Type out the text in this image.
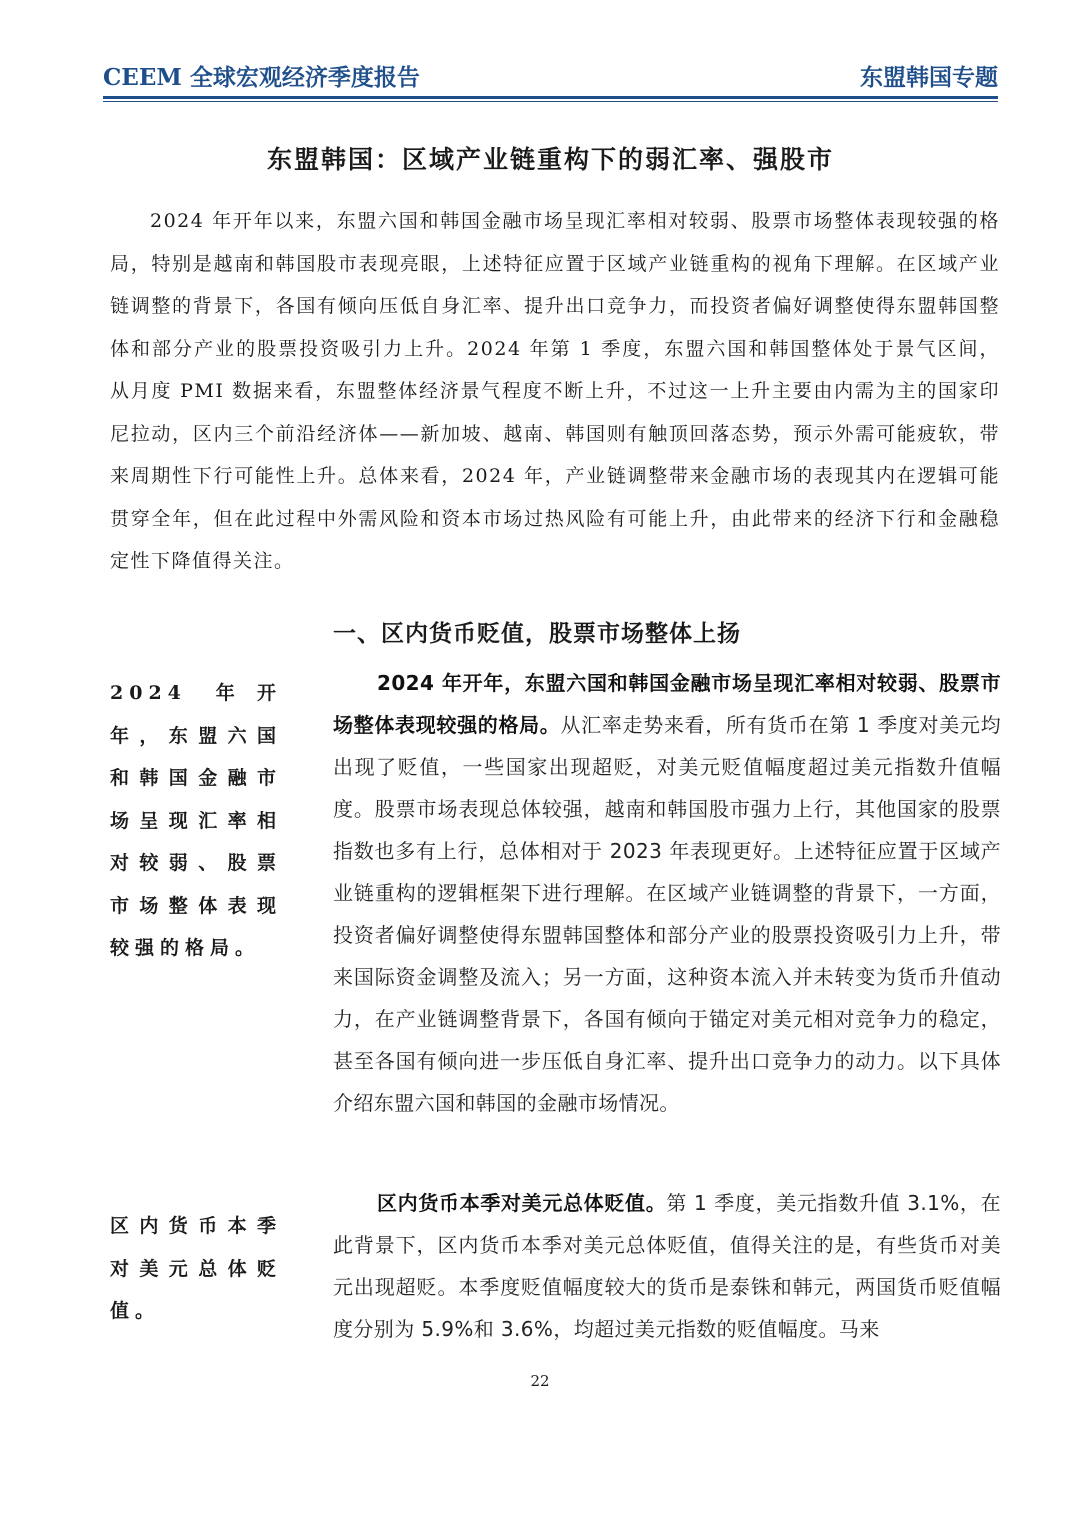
CEEM 全球宏观经济季度报告	东盟韩国专题
东盟韩国：区域产业链重构下的弱汇率、强股市

2024 年开年以来，东盟六国和韩国金融市场呈现汇率相对较弱、股票市场整体表现较强的格局，特别是越南和韩国股市表现亮眼，上述特征应置于区域产业链重构的视角下理解。在区域产业链调整的背景下，各国有倾向压低自身汇率、提升出口竞争力，而投资者偏好调整使得东盟韩国整体和部分产业的股票投资吸引力上升。2024 年第 1 季度，东盟六国和韩国整体处于景气区间，从月度 PMI 数据来看，东盟整体经济景气程度不断上升，不过这一上升主要由内需为主的国家印尼拉动，区内三个前沿经济体——新加坡、越南、韩国则有触顶回落态势，预示外需可能疲软，带来周期性下行可能性上升。总体来看，2024 年，产业链调整带来金融市场的表现其内在逻辑可能贯穿全年，但在此过程中外需风险和资本市场过热风险有可能上升，由此带来的经济下行和金融稳定性下降值得关注。

一、区内货币贬值，股票市场整体上扬

2024 年开年，东盟六国和韩国金融市场呈现汇率相对较弱、股票市场整体表现较强的格局。

区内货币本季对美元总体贬值。

2024 年开年，东盟六国和韩国金融市场呈现汇率相对较弱、股票市场整体表现较强的格局。从汇率走势来看，所有货币在第 1 季度对美元均出现了贬值，一些国家出现超贬，对美元贬值幅度超过美元指数升值幅度。股票市场表现总体较强，越南和韩国股市强力上行，其他国家的股票指数也多有上行，总体相对于 2023 年表现更好。上述特征应置于区域产业链重构的逻辑框架下进行理解。在区域产业链调整的背景下，一方面，投资者偏好调整使得东盟韩国整体和部分产业的股票投资吸引力上升，带来国际资金调整及流入；另一方面，这种资本流入并未转变为货币升值动力，在产业链调整背景下，各国有倾向于锚定对美元相对竞争力的稳定，甚至各国有倾向进一步压低自身汇率、提升出口竞争力的动力。以下具体介绍东盟六国和韩国的金融市场情况。

区内货币本季对美元总体贬值。第 1 季度，美元指数升值 3.1%，在此背景下，区内货币本季对美元总体贬值，值得关注的是，有些货币对美元出现超贬。本季度贬值幅度较大的货币是泰铢和韩元，两国货币贬值幅度分别为 5.9%和 3.6%，均超过美元指数的贬值幅度。马来

22
